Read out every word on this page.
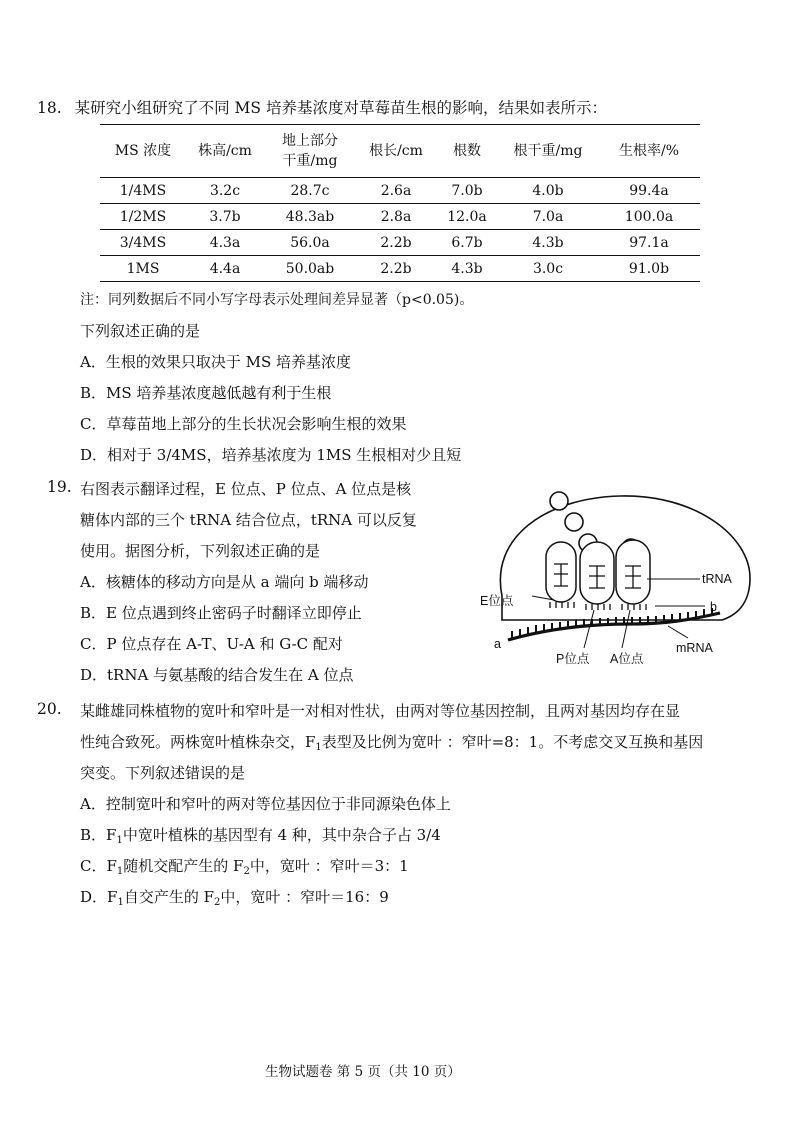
18. 某研究小组研究了不同 MS 培养基浓度对草莓苗生根的影响，结果如表所示：
MS 浓度	株高/cm	地上部分
干重/mg	根长/cm	根数	根干重/mg	生根率/%
1/4MS	3.2c	28.7c	2.6a	7.0b	4.0b	99.4a
1/2MS	3.7b	48.3ab	2.8a	12.0a	7.0a	100.0a
3/4MS	4.3a	56.0a	2.2b	6.7b	4.3b	97.1a
1MS	4.4a	50.0ab	2.2b	4.3b	3.0c	91.0b
注：同列数据后不同小写字母表示处理间差异显著（p<0.05)。
下列叙述正确的是
A．生根的效果只取决于 MS 培养基浓度
B．MS 培养基浓度越低越有利于生根
C．草莓苗地上部分的生长状况会影响生根的效果
D．相对于 3/4MS，培养基浓度为 1MS 生根相对少且短
19. 右图表示翻译过程，E 位点、P 位点、A 位点是核
糖体内部的三个 tRNA 结合位点，tRNA 可以反复
使用。据图分析，下列叙述正确的是
A．核糖体的移动方向是从 a 端向 b 端移动
B．E 位点遇到终止密码子时翻译立即停止
C．P 位点存在 A-T、U-A 和 G-C 配对
D．tRNA 与氨基酸的结合发生在 A 位点
tRNA
b
E位点
a	mRNA
P位点 A位点
20. 某雌雄同株植物的宽叶和窄叶是一对相对性状，由两对等位基因控制，且两对基因均存在显
性纯合致死。两株宽叶植株杂交，$F_1$表型及比例为宽叶 ：窄叶=8：1。不考虑交叉互换和基因
突变。下列叙述错误的是
A．控制宽叶和窄叶的两对等位基因位于非同源染色体上
B．$F_1$中宽叶植株的基因型有 4 种，其中杂合子占 3/4
C．$F_1$随机交配产生的 $F_2$中，宽叶 ：窄叶＝3：1
D．$F_1$自交产生的 $F_2$中，宽叶 ：窄叶＝16：9
生物试题卷 第 5 页（共 10 页）
